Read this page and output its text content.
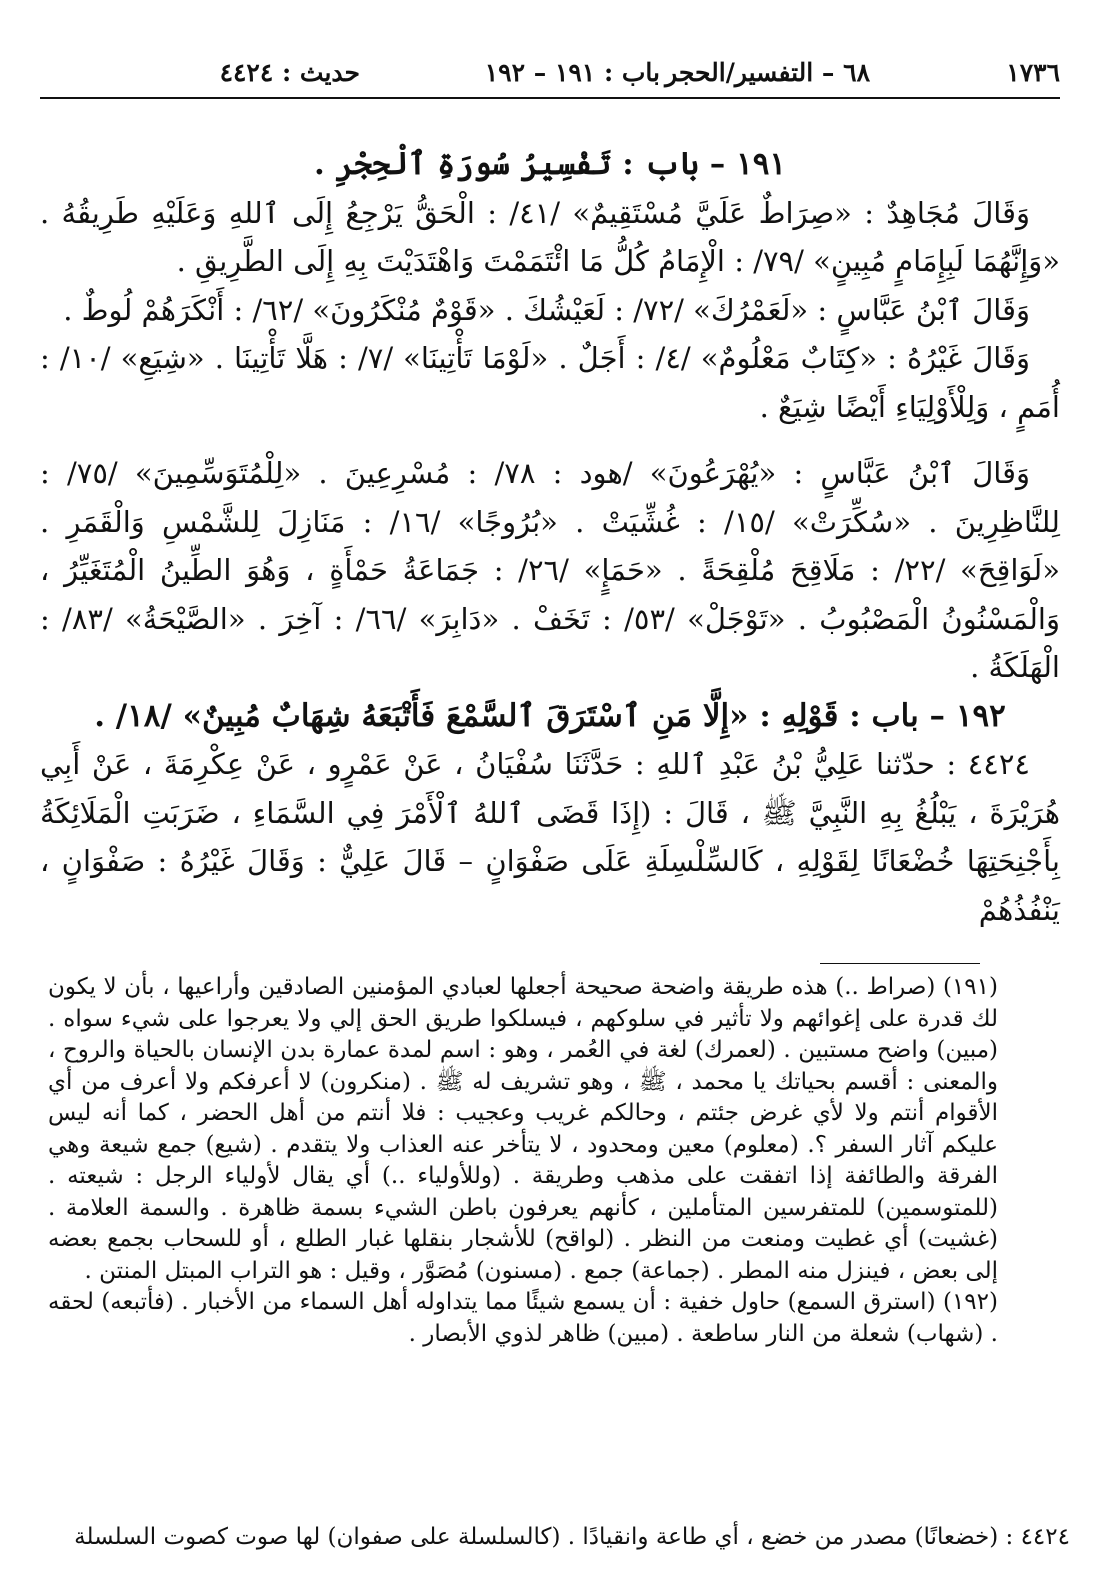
١٧٣٦
٦٨ – التفسير/الحجر
باب : ١٩١ – ١٩٢
حديث : ٤٤٢٤

١٩١ – باب : تَفْسِيرُ سُورَةِ ٱلْحِجْرِ .

وَقَالَ مُجَاهِدٌ : «صِرَاطٌ عَلَيَّ مُسْتَقِيمٌ» /٤١/ : الْحَقُّ يَرْجِعُ إِلَى ٱللهِ وَعَلَيْهِ طَرِيقُهُ . «وَإِنَّهُمَا لَبِإِمَامٍ مُبِينٍ» /٧٩/ : الْإِمَامُ كُلُّ مَا ائْتَمَمْتَ وَاهْتَدَيْتَ بِهِ إِلَى الطَّرِيقِ .

وَقَالَ ٱبْنُ عَبَّاسٍ : «لَعَمْرُكَ» /٧٢/ : لَعَيْشُكَ . «قَوْمٌ مُنْكَرُونَ» /٦٢/ : أَنْكَرَهُمْ لُوطٌ .

وَقَالَ غَيْرُهُ : «كِتَابٌ مَعْلُومٌ» /٤/ : أَجَلٌ . «لَوْمَا تَأْتِينَا» /٧/ : هَلَّا تَأْتِينَا . «شِيَعِ» /١٠/ : أُمَمٍ ، وَلِلْأَوْلِيَاءِ أَيْضًا شِيَعٌ .

وَقَالَ ٱبْنُ عَبَّاسٍ : «يُهْرَعُونَ» /هود : ٧٨/ : مُسْرِعِينَ . «لِلْمُتَوَسِّمِينَ» /٧٥/ : لِلنَّاظِرِينَ . «سُكِّرَتْ» /١٥/ : غُشِّيَتْ . «بُرُوجًا» /١٦/ : مَنَازِلَ لِلشَّمْسِ وَالْقَمَرِ . «لَوَاقِحَ» /٢٢/ : مَلَاقِحَ مُلْقِحَةً . «حَمَإٍ» /٢٦/ : جَمَاعَةُ حَمْأَةٍ ، وَهُوَ الطِّينُ الْمُتَغَيِّرُ ، وَالْمَسْنُونُ الْمَصْبُوبُ . «تَوْجَلْ» /٥٣/ : تَخَفْ . «دَابِرَ» /٦٦/ : آخِرَ . «الصَّيْحَةُ» /٨٣/ : الْهَلَكَةُ .

١٩٢ – باب : قَوْلِهِ : «إِلَّا مَنِ ٱسْتَرَقَ ٱلسَّمْعَ فَأَتْبَعَهُ شِهَابٌ مُبِينٌ» /١٨/ .

٤٤٢٤ : حدّثنا عَلِيُّ بْنُ عَبْدِ ٱللهِ : حَدَّثَنَا سُفْيَانُ ، عَنْ عَمْرٍو ، عَنْ عِكْرِمَةَ ، عَنْ أَبِي هُرَيْرَةَ ، يَبْلُغُ بِهِ النَّبِيَّ ﷺ ، قَالَ : (إِذَا قَضَى ٱللهُ ٱلْأَمْرَ فِي السَّمَاءِ ، ضَرَبَتِ الْمَلَائِكَةُ بِأَجْنِحَتِهَا خُضْعَانًا لِقَوْلِهِ ، كَالسِّلْسِلَةِ عَلَى صَفْوَانٍ – قَالَ عَلِيٌّ : وَقَالَ غَيْرُهُ : صَفْوَانٍ ، يَنْفُذُهُمْ

(١٩١) (صراط ..) هذه طريقة واضحة صحيحة أجعلها لعبادي المؤمنين الصادقين وأراعيها ، بأن لا يكون لك قدرة على إغوائهم ولا تأثير في سلوكهم ، فيسلكوا طريق الحق إلي ولا يعرجوا على شيء سواه . (مبين) واضح مستبين . (لعمرك) لغة في العُمر ، وهو : اسم لمدة عمارة بدن الإنسان بالحياة والروح ، والمعنى : أقسم بحياتك يا محمد ، ﷺ ، وهو تشريف له ﷺ . (منكرون) لا أعرفكم ولا أعرف من أي الأقوام أنتم ولا لأي غرض جئتم ، وحالكم غريب وعجيب : فلا أنتم من أهل الحضر ، كما أنه ليس عليكم آثار السفر ؟. (معلوم) معين ومحدود ، لا يتأخر عنه العذاب ولا يتقدم . (شيع) جمع شيعة وهي الفرقة والطائفة إذا اتفقت على مذهب وطريقة . (وللأولياء ..) أي يقال لأولياء الرجل : شيعته . (للمتوسمين) للمتفرسين المتأملين ، كأنهم يعرفون باطن الشيء بسمة ظاهرة . والسمة العلامة . (غشيت) أي غطيت ومنعت من النظر . (لواقح) للأشجار بنقلها غبار الطلع ، أو للسحاب بجمع بعضه إلى بعض ، فينزل منه المطر . (جماعة) جمع . (مسنون) مُصَوَّر ، وقيل : هو التراب المبتل المنتن .

(١٩٢) (استرق السمع) حاول خفية : أن يسمع شيئًا مما يتداوله أهل السماء من الأخبار . (فأتبعه) لحقه . (شهاب) شعلة من النار ساطعة . (مبين) ظاهر لذوي الأبصار .

٤٤٢٤ : (خضعانًا) مصدر من خضع ، أي طاعة وانقيادًا . (كالسلسلة على صفوان) لها صوت كصوت السلسلة
